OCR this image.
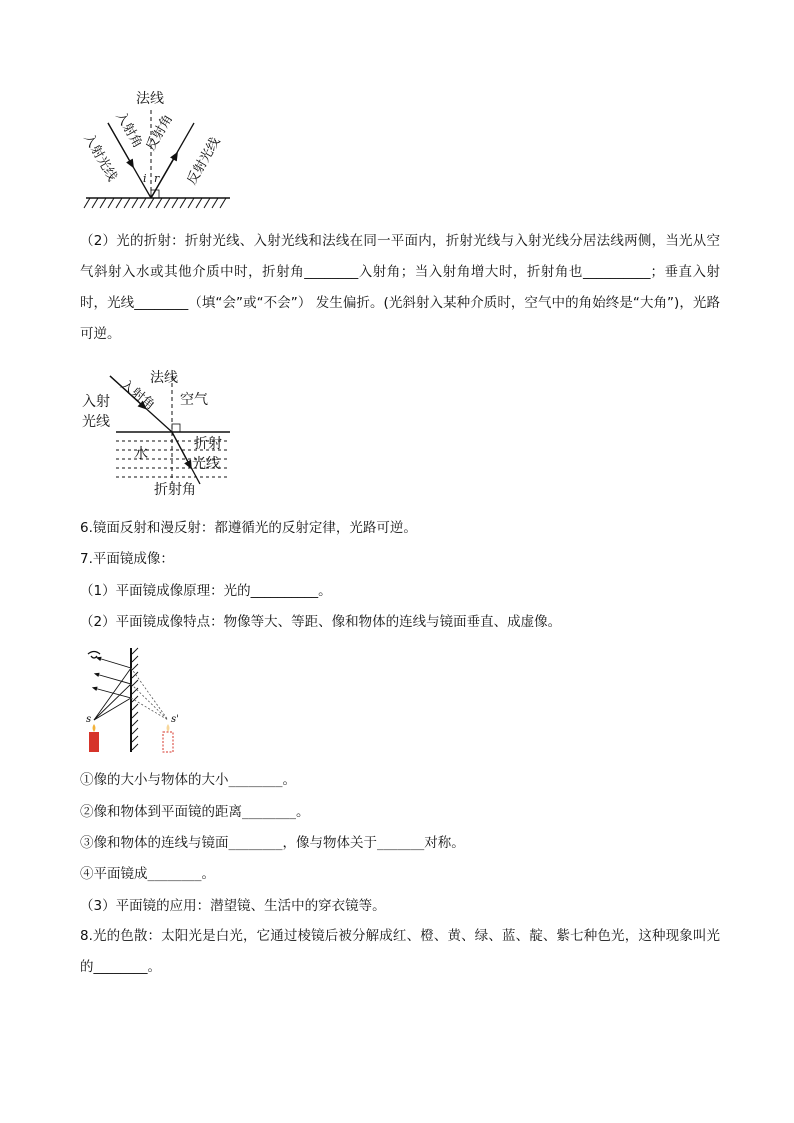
法线
入射光线
入射角
反射角
反射光线
i r
（2）光的折射：折射光线、入射光线和法线在同一平面内，折射光线与入射光线分居法线两侧，当光从空气斜射入水或其他介质中时，折射角________入射角；当入射角增大时，折射角也__________；垂直入射时，光线________（填“会”或“不会”） 发生偏折。(光斜射入某种介质时，空气中的角始终是“大角”)，光路可逆。
法线
空气
入射
光线
入射角
水
折射
光线
折射角
6.镜面反射和漫反射：都遵循光的反射定律，光路可逆。
7.平面镜成像：
（1）平面镜成像原理：光的__________。
（2）平面镜成像特点：物像等大、等距、像和物体的连线与镜面垂直、成虚像。
s	s'
①像的大小与物体的大小________。
②像和物体到平面镜的距离________。
③像和物体的连线与镜面________，像与物体关于_______对称。
④平面镜成________。
（3）平面镜的应用：潜望镜、生活中的穿衣镜等。
8.光的色散：太阳光是白光，它通过棱镜后被分解成红、橙、黄、绿、蓝、靛、紫七种色光，这种现象叫光的________。
